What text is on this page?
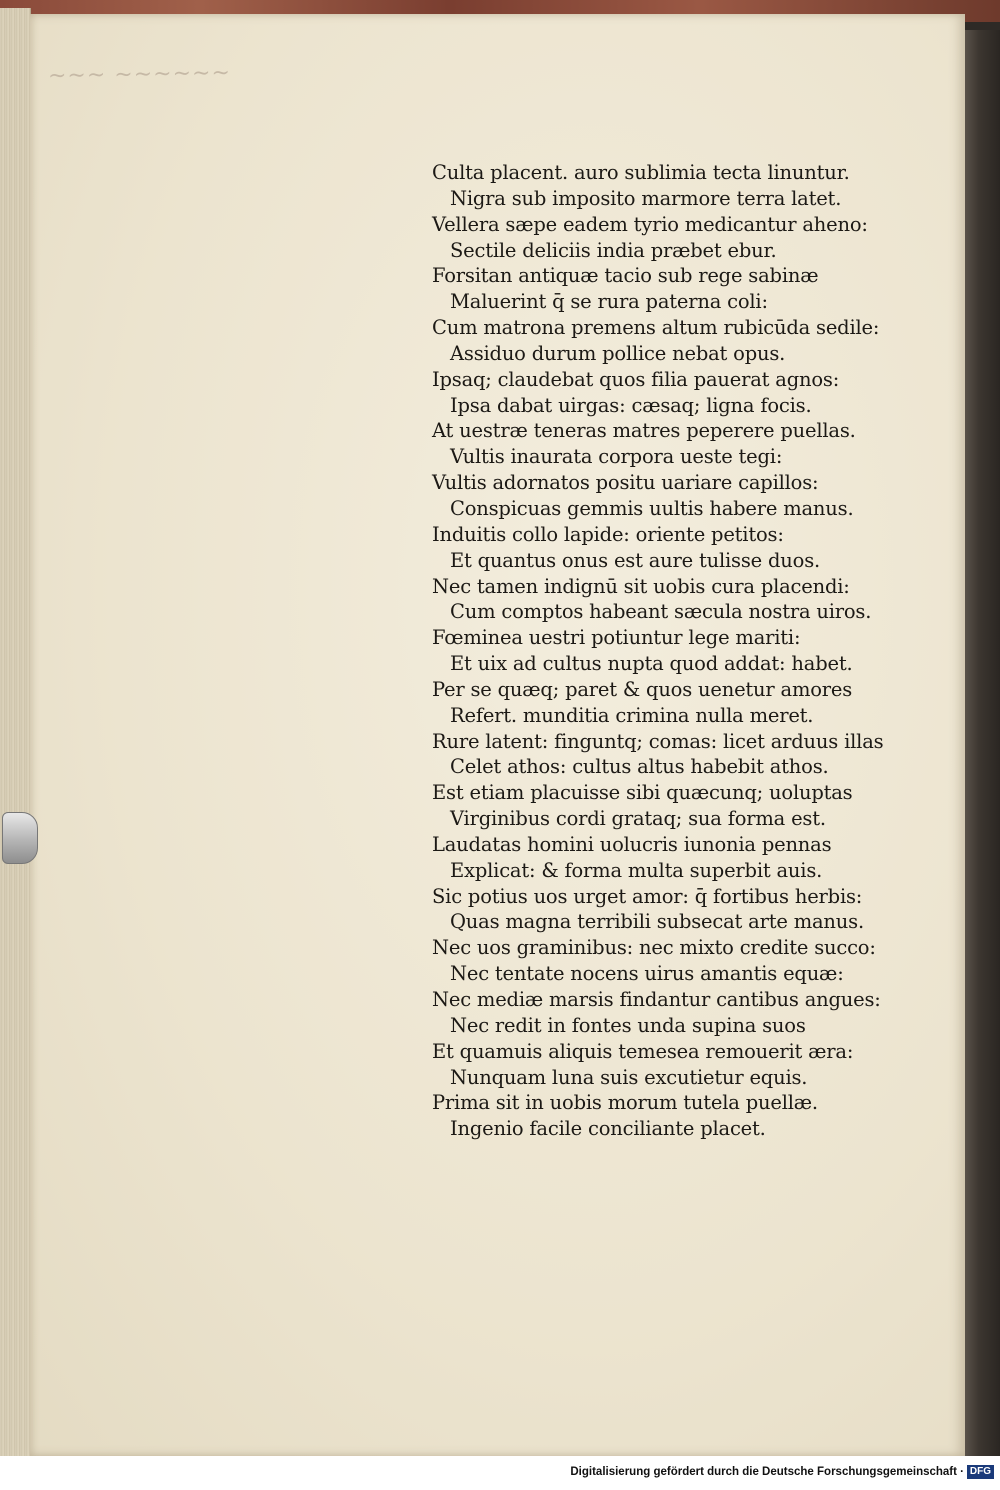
~~~ ~~~~~~
Culta placent. auro sublimia tecta linuntur.
Nigra sub imposito marmore terra latet.
Vellera sæpe eadem tyrio medicantur aheno:
Sectile deliciis india præbet ebur.
Forsitan antiquæ tacio sub rege sabinæ
Maluerint q̄ se rura paterna coli:
Cum matrona premens altum rubicūda sedile:
Assiduo durum pollice nebat opus.
Ipsaq; claudebat quos filia pauerat agnos:
Ipsa dabat uirgas: cæsaq; ligna focis.
At uestræ teneras matres peperere puellas.
Vultis inaurata corpora ueste tegi:
Vultis adornatos positu uariare capillos:
Conspicuas gemmis uultis habere manus.
Induitis collo lapide: oriente petitos:
Et quantus onus est aure tulisse duos.
Nec tamen indignū sit uobis cura placendi:
Cum comptos habeant sæcula nostra uiros.
Fœminea uestri potiuntur lege mariti:
Et uix ad cultus nupta quod addat: habet.
Per se quæq; paret & quos uenetur amores
Refert. munditia crimina nulla meret.
Rure latent: finguntq; comas: licet arduus illas
Celet athos: cultus altus habebit athos.
Est etiam placuisse sibi quæcunq; uoluptas
Virginibus cordi grataq; sua forma est.
Laudatas homini uolucris iunonia pennas
Explicat: & forma multa superbit auis.
Sic potius uos urget amor: q̄ fortibus herbis:
Quas magna terribili subsecat arte manus.
Nec uos graminibus: nec mixto credite succo:
Nec tentate nocens uirus amantis equæ:
Nec mediæ marsis findantur cantibus angues:
Nec redit in fontes unda supina suos
Et quamuis aliquis temesea remouerit æra:
Nunquam luna suis excutietur equis.
Prima sit in uobis morum tutela puellæ.
Ingenio facile conciliante placet.
Digitalisierung gefördert durch die Deutsche Forschungsgemeinschaft · DFG
